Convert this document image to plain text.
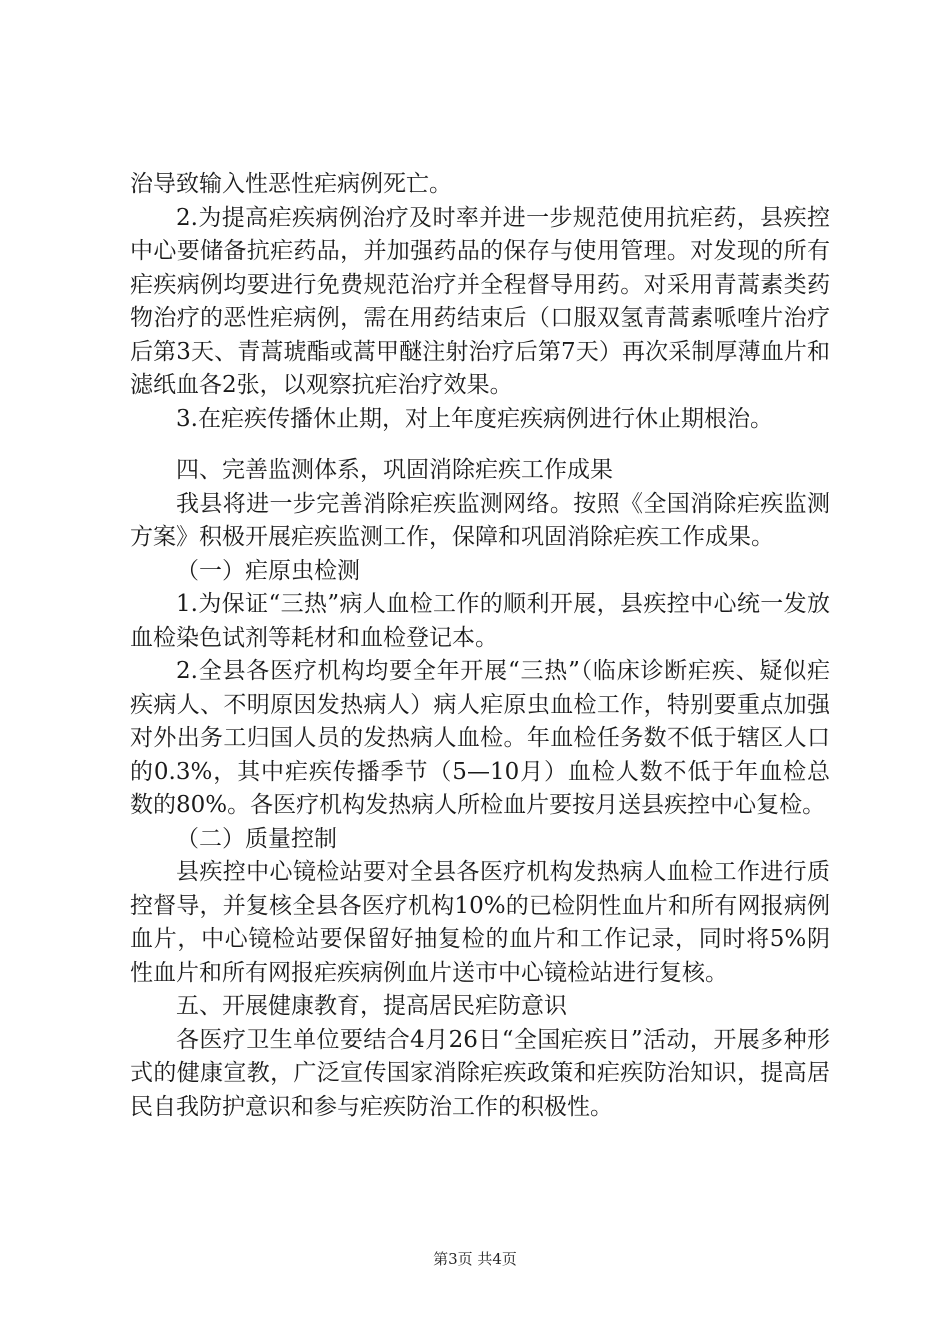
治导致输入性恶性疟病例死亡。

2.为提高疟疾病例治疗及时率并进一步规范使用抗疟药，县疾控中心要储备抗疟药品，并加强药品的保存与使用管理。对发现的所有疟疾病例均要进行免费规范治疗并全程督导用药。对采用青蒿素类药物治疗的恶性疟病例，需在用药结束后（口服双氢青蒿素哌喹片治疗后第3天、青蒿琥酯或蒿甲醚注射治疗后第7天）再次采制厚薄血片和滤纸血各2张，以观察抗疟治疗效果。

3.在疟疾传播休止期，对上年度疟疾病例进行休止期根治。

四、完善监测体系，巩固消除疟疾工作成果

我县将进一步完善消除疟疾监测网络。按照《全国消除疟疾监测方案》积极开展疟疾监测工作，保障和巩固消除疟疾工作成果。

（一）疟原虫检测

1.为保证“三热”病人血检工作的顺利开展，县疾控中心统一发放血检染色试剂等耗材和血检登记本。

2.全县各医疗机构均要全年开展“三热”（临床诊断疟疾、疑似疟疾病人、不明原因发热病人）病人疟原虫血检工作，特别要重点加强对外出务工归国人员的发热病人血检。年血检任务数不低于辖区人口的0.3%，其中疟疾传播季节（5—10月）血检人数不低于年血检总数的80%。各医疗机构发热病人所检血片要按月送县疾控中心复检。

（二）质量控制

县疾控中心镜检站要对全县各医疗机构发热病人血检工作进行质控督导，并复核全县各医疗机构10%的已检阴性血片和所有网报病例血片，中心镜检站要保留好抽复检的血片和工作记录，同时将5%阴性血片和所有网报疟疾病例血片送市中心镜检站进行复核。

五、开展健康教育，提高居民疟防意识

各医疗卫生单位要结合4月26日“全国疟疾日”活动，开展多种形式的健康宣教，广泛宣传国家消除疟疾政策和疟疾防治知识，提高居民自我防护意识和参与疟疾防治工作的积极性。

第3页 共4页
